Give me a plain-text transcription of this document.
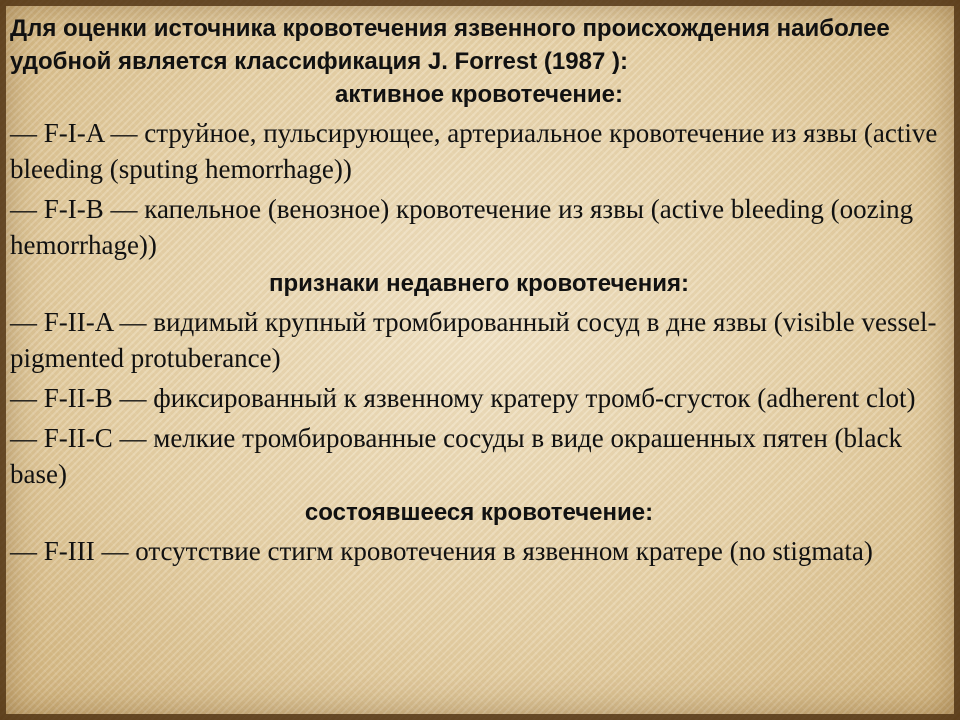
Для оценки источника кровотечения язвенного происхождения наиболее удобной является классификация J. Forrest (1987 ):

активное кровотечение:

— F-I-A — струйное, пульсирующее, артериальное кровотечение из язвы (active bleeding (sputing hemorrhage))

— F-I-B — капельное (венозное) кровотечение из язвы (active bleeding (oozing hemorrhage))

признаки недавнего кровотечения:

— F-II-A — видимый крупный тромбированный сосуд в дне язвы (visible vessel-pigmented protuberance)

— F-II-B — фиксированный к язвенному кратеру тромб-сгусток (adherent clot)

— F-II-C — мелкие тромбированные сосуды в виде окрашенных пятен (black base)

состоявшееся кровотечение:

— F-III — отсутствие стигм кровотечения в язвенном кратере (no stigmata)
